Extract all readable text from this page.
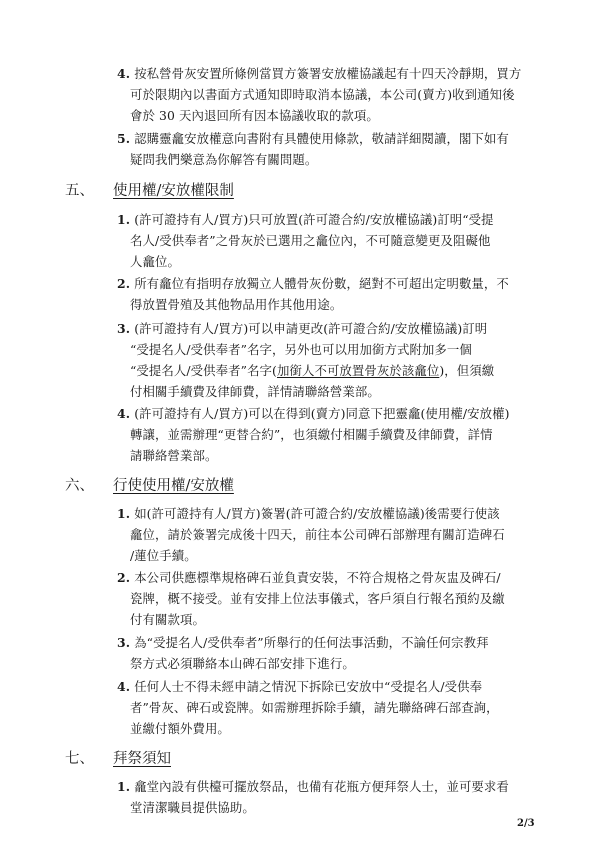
4. 按私營骨灰安置所條例當買方簽署安放權協議起有十四天冷靜期，買方
可於限期內以書面方式通知即時取消本協議，本公司(賣方)收到通知後
會於 30 天內退回所有因本協議收取的款項。
5. 認購靈龕安放權意向書附有具體使用條款，敬請詳細閱讀，閣下如有
疑問我們樂意為你解答有關問題。
五、 使用權/安放權限制
1. (許可證持有人/買方)只可放置(許可證合約/安放權協議)訂明“受提
名人/受供奉者”之骨灰於已選用之龕位內，不可隨意變更及阻礙他
人龕位。
2. 所有龕位有指明存放獨立人體骨灰份數，絕對不可超出定明數量，不
得放置骨殖及其他物品用作其他用途。
3. (許可證持有人/買方)可以申請更改(許可證合約/安放權協議)訂明
“受提名人/受供奉者”名字，另外也可以用加銜方式附加多一個
“受提名人/受供奉者”名字(加銜人不可放置骨灰於該龕位)，但須繳
付相關手續費及律師費，詳情請聯絡營業部。
4. (許可證持有人/買方)可以在得到(賣方)同意下把靈龕(使用權/安放權)
轉讓，並需辦理“更替合約”，也須繳付相關手續費及律師費，詳情
請聯絡營業部。
六、 行使使用權/安放權
1. 如(許可證持有人/買方)簽署(許可證合約/安放權協議)後需要行使該
龕位，請於簽署完成後十四天，前往本公司碑石部辦理有關訂造碑石
/蓮位手續。
2. 本公司供應標準規格碑石並負責安裝，不符合規格之骨灰盅及碑石/
瓷牌，概不接受。並有安排上位法事儀式，客戶須自行報名預約及繳
付有關款項。
3. 為“受提名人/受供奉者”所舉行的任何法事活動，不論任何宗教拜
祭方式必須聯絡本山碑石部安排下進行。
4. 任何人士不得未經申請之情況下拆除已安放中“受提名人/受供奉
者”骨灰、碑石或瓷牌。如需辦理拆除手續，請先聯絡碑石部查詢，
並繳付額外費用。
七、 拜祭須知
1. 龕堂內設有供檯可擺放祭品，也備有花瓶方便拜祭人士，並可要求看
堂清潔職員提供協助。
2/3
